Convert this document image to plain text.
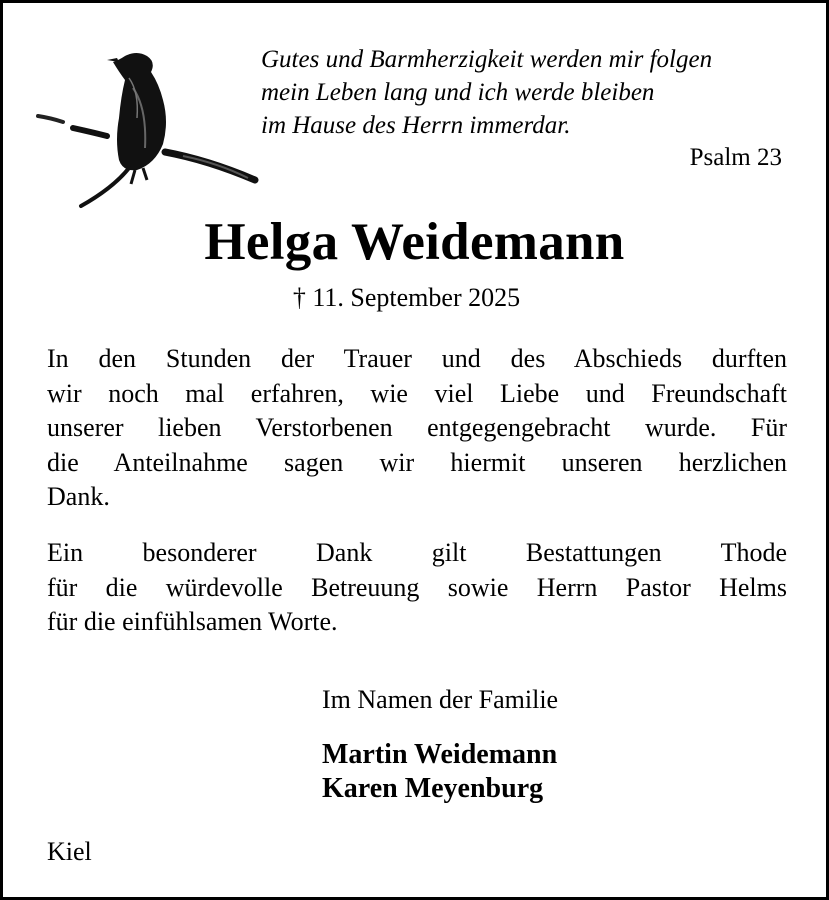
Gutes und Barmherzigkeit werden mir folgen
mein Leben lang und ich werde bleiben
im Hause des Herrn immerdar.
Psalm 23
Helga Weidemann
† 11. September 2025
In den Stunden der Trauer und des Abschieds durften
wir noch mal erfahren, wie viel Liebe und Freundschaft
unserer lieben Verstorbenen entgegengebracht wurde. Für
die Anteilnahme sagen wir hiermit unseren herzlichen
Dank.
Ein besonderer Dank gilt Bestattungen Thode
für die würdevolle Betreuung sowie Herrn Pastor Helms
für die einfühlsamen Worte.
Im Namen der Familie
Martin Weidemann
Karen Meyenburg
Kiel
